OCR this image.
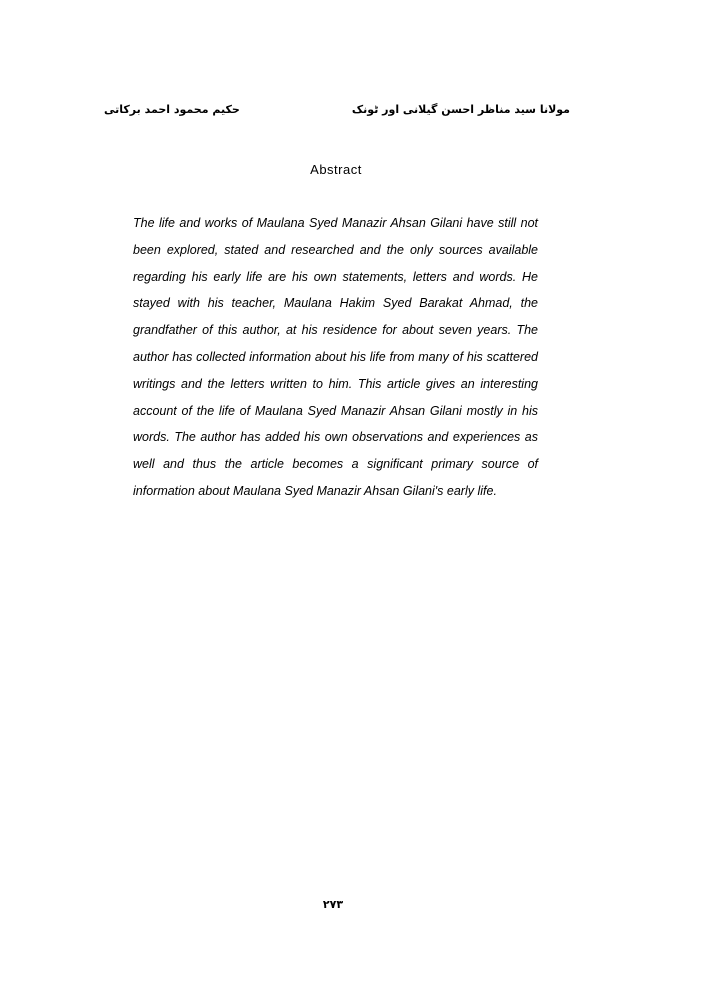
حکیم محمود احمد برکاتی	مولانا سید مناظر احسن گیلانی اور ٹونک
Abstract

The life and works of Maulana Syed Manazir Ahsan Gilani have still not been explored, stated and researched and the only sources available regarding his early life are his own statements, letters and words. He stayed with his teacher, Maulana Hakim Syed Barakat Ahmad, the grandfather of this author, at his residence for about seven years. The author has collected information about his life from many of his scattered writings and the letters written to him. This article gives an interesting account of the life of Maulana Syed Manazir Ahsan Gilani mostly in his words. The author has added his own observations and experiences as well and thus the article becomes a significant primary source of information about Maulana Syed Manazir Ahsan Gilani's early life.

۲۷۳
